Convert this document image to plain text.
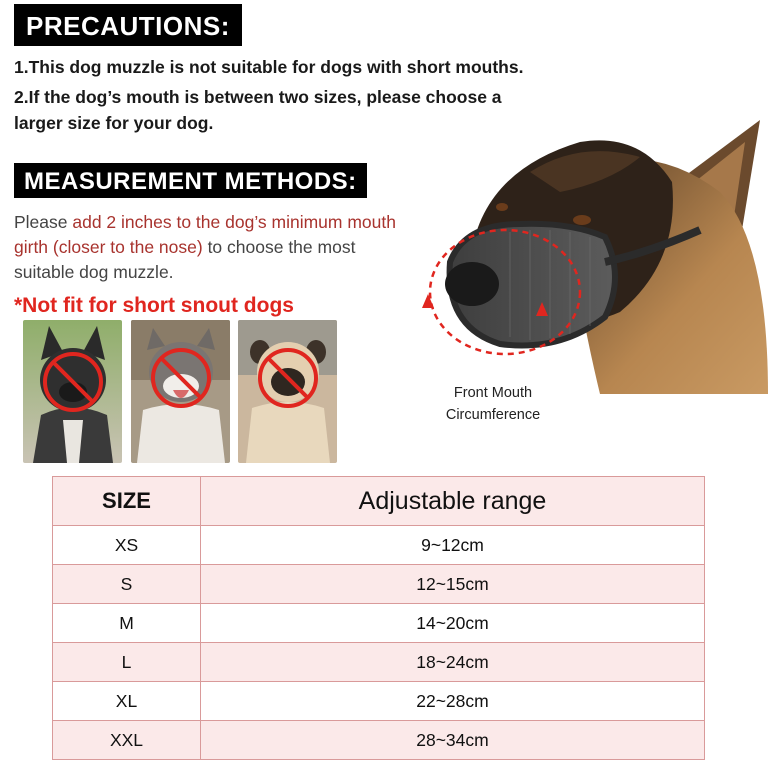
PRECAUTIONS:
1.This dog muzzle is not suitable for dogs with short mouths.
2.If the dog’s mouth is between two sizes, please choose a
larger size for your dog.
MEASUREMENT METHODS:
Please add 2 inches to the dog’s minimum mouth
girth (closer to the nose) to choose the most
suitable dog muzzle.
*Not fit for short snout dogs
Front Mouth
Circumference
SIZE	Adjustable range
XS	9~12cm
S	12~15cm
M	14~20cm
L	18~24cm
XL	22~28cm
XXL	28~34cm
